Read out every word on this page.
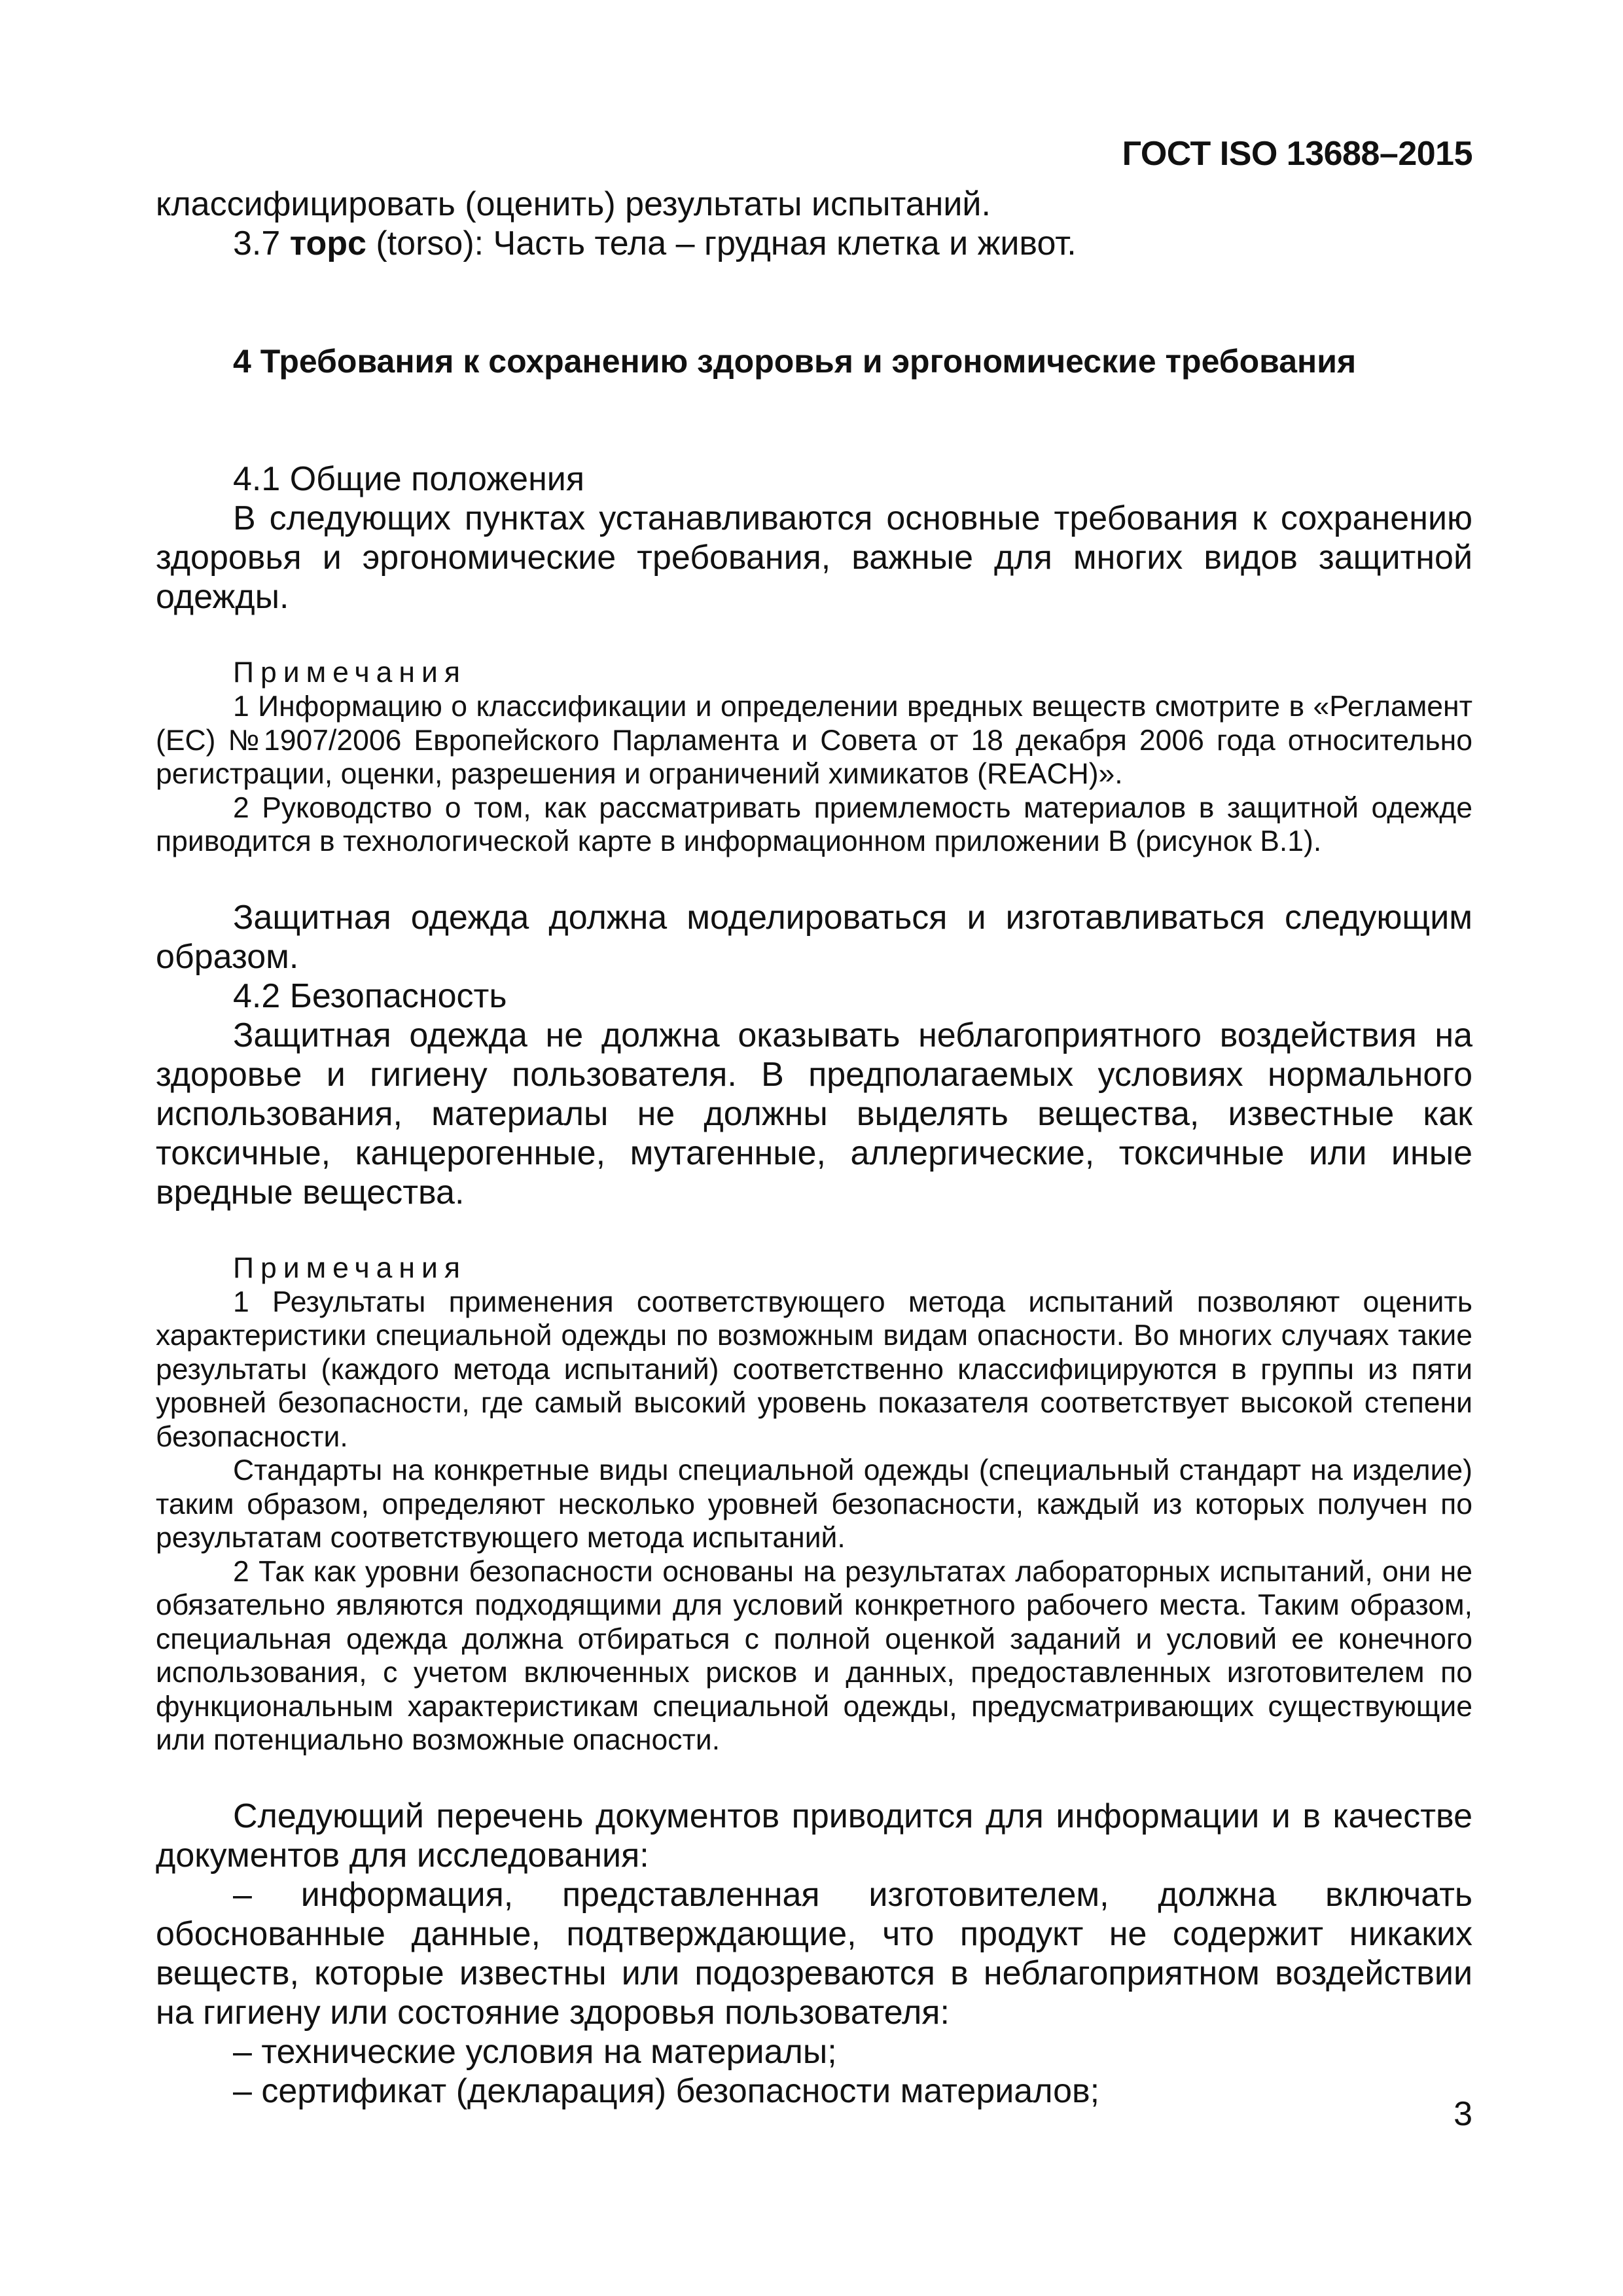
ГОСТ ISO 13688–2015

классифицировать (оценить) результаты испытаний.

3.7 торс (torso): Часть тела – грудная клетка и живот.

4 Требования к сохранению здоровья и эргономические требования

4.1 Общие положения

В следующих пунктах устанавливаются основные требования к сохранению здоровья и эргономические требования, важные для многих видов защитной одежды.

Примечания

1 Информацию о классификации и определении вредных веществ смотрите в «Регламент (ЕС) №1907/2006 Европейского Парламента и Совета от 18 декабря 2006 года относительно регистрации, оценки, разрешения и ограничений химикатов (REACH)».

2 Руководство о том, как рассматривать приемлемость материалов в защитной одежде приводится в технологической карте в информационном приложении В (рисунок В.1).

Защитная одежда должна моделироваться и изготавливаться следующим образом.

4.2 Безопасность

Защитная одежда не должна оказывать неблагоприятного воздействия на здоровье и гигиену пользователя. В предполагаемых условиях нормального использования, материалы не должны выделять вещества, известные как токсичные, канцерогенные, мутагенные, аллергические, токсичные или иные вредные вещества.

Примечания

1 Результаты применения соответствующего метода испытаний позволяют оценить характеристики специальной одежды по возможным видам опасности. Во многих случаях такие результаты (каждого метода испытаний) соответственно классифицируются в группы из пяти уровней безопасности, где самый высокий уровень показателя соответствует высокой степени безопасности.

Стандарты на конкретные виды специальной одежды (специальный стандарт на изделие) таким образом, определяют несколько уровней безопасности, каждый из которых получен по результатам соответствующего метода испытаний.

2 Так как уровни безопасности основаны на результатах лабораторных испытаний, они не обязательно являются подходящими для условий конкретного рабочего места. Таким образом, специальная одежда должна отбираться с полной оценкой заданий и условий ее конечного использования, с учетом включенных рисков и данных, предоставленных изготовителем по функциональным характеристикам специальной одежды, предусматривающих существующие или потенциально возможные опасности.

Следующий перечень документов приводится для информации и в качестве документов для исследования:

– информация, представленная изготовителем, должна включать обоснованные данные, подтверждающие, что продукт не содержит никаких веществ, которые известны или подозреваются в неблагоприятном воздействии на гигиену или состояние здоровья пользователя:

– технические условия на материалы;

– сертификат (декларация) безопасности материалов;

3
